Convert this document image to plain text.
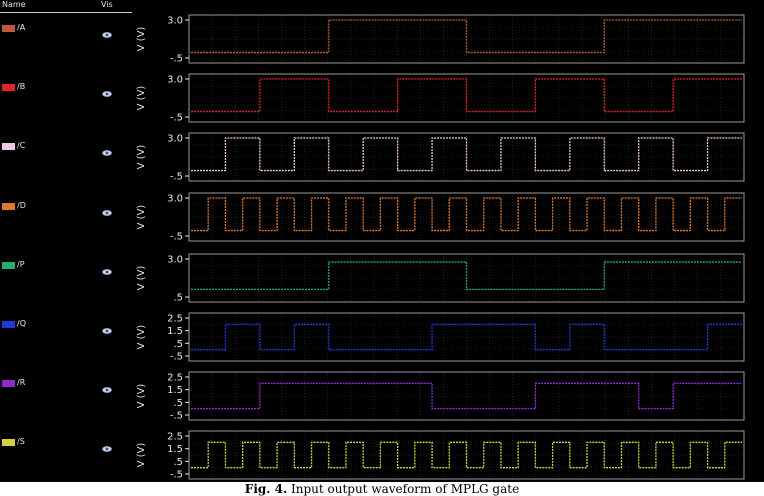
Name	Vis
/A
/B
/C
/D
/P
/Q
/R
/S
3.0
-.5
V (V)
3.0
-.5
V (V)
3.0
-.5
V (V)
3.0
-.5
V (V)
3.0
.5
V (V)
2.5
1.5
.5
-.5
V (V)
2.5
1.5
.5
-.5
V (V)
2.5
1.5
.5
-.5
V (V)
Fig. 4. Input output waveform of MPLG gate
